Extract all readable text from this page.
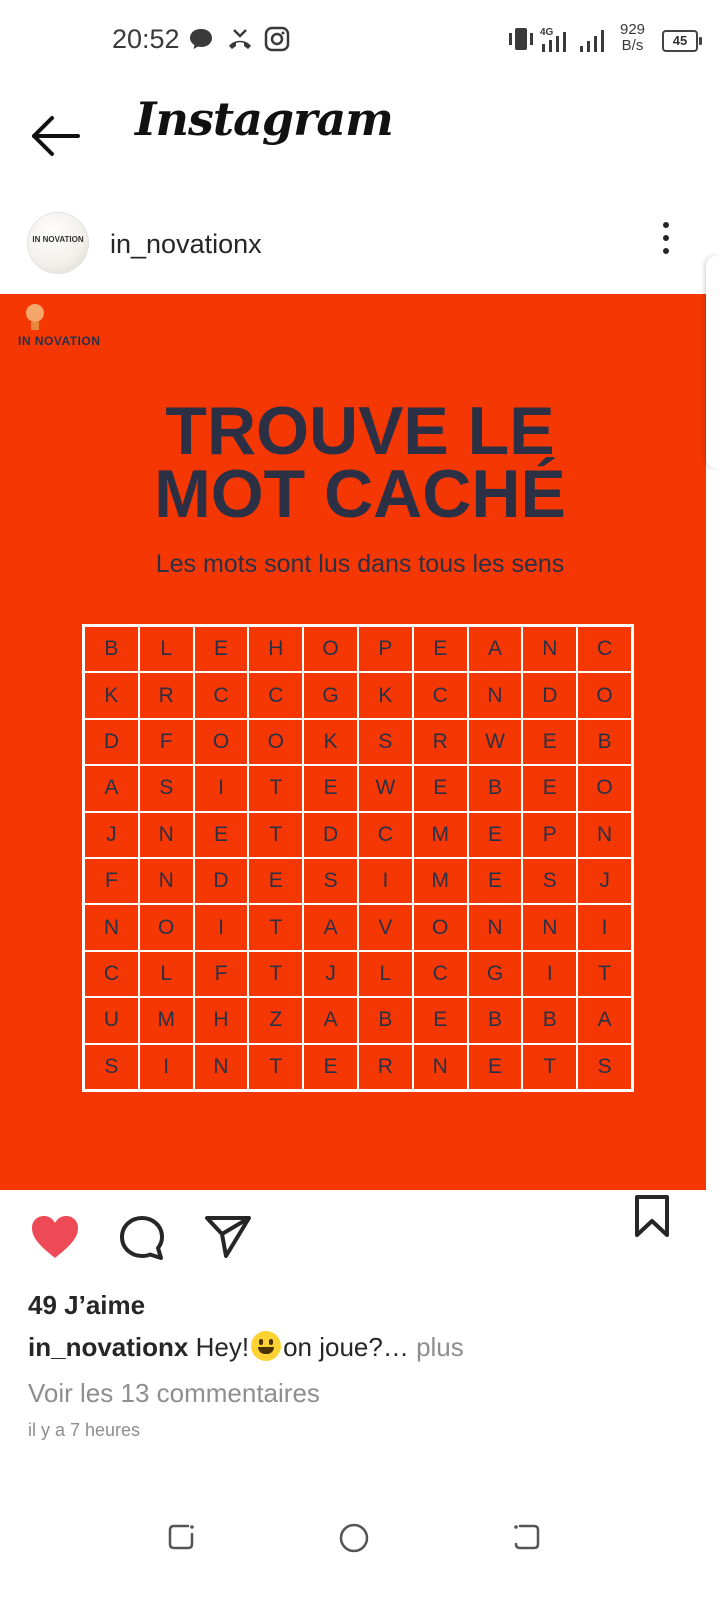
20:52	4G	929
B/s	45
Instagram
IN NOVATION in_novationx
IN NOVATION
TROUVE LE
MOT CACHÉ
Les mots sont lus dans tous les sens
B	L	E	H	O	P	E	A	N	C
K	R	C	C	G	K	C	N	D	O
D	F	O	O	K	S	R	W	E	B
A	S	I	T	E	W	E	B	E	O
J	N	E	T	D	C	M	E	P	N
F	N	D	E	S	I	M	E	S	J
N	O	I	T	A	V	O	N	N	I
C	L	F	T	J	L	C	G	I	T
U	M	H	Z	A	B	E	B	B	A
S	I	N	T	E	R	N	E	T	S
49 J’aime
in_novationx Hey! on joue?… plus
Voir les 13 commentaires
il y a 7 heures
